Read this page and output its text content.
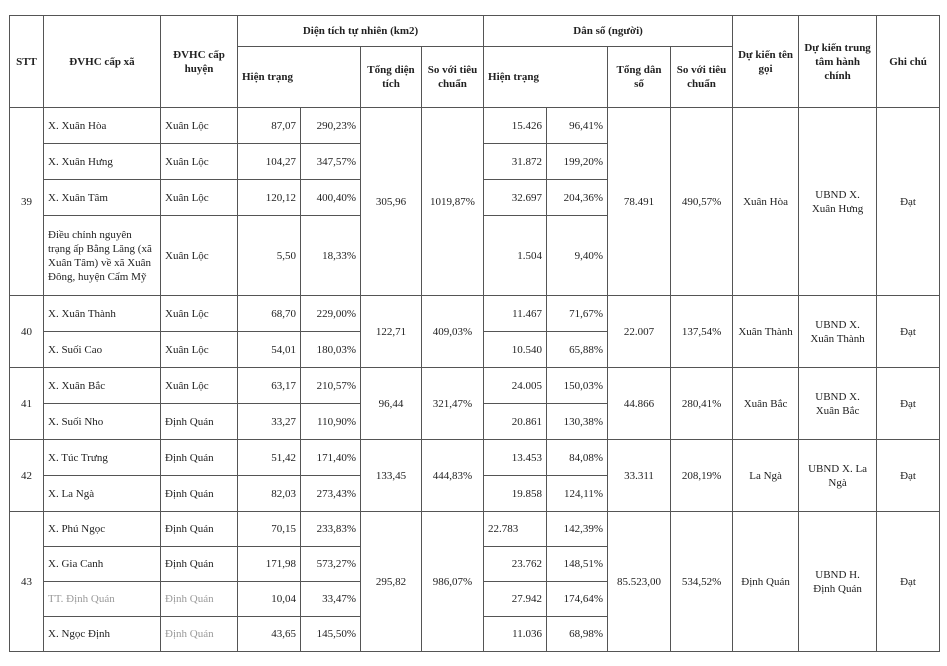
STT	ĐVHC cấp xã	ĐVHC cấp huyện	Diện tích tự nhiên (km2)				Dân số (người)				Dự kiến tên gọi	Dự kiến trung tâm hành chính	Ghi chú
			Hiện trạng		Tổng diện tích	So với tiêu chuẩn	Hiện trạng		Tổng dân số	So với tiêu chuẩn			
39	X. Xuân Hòa	Xuân Lộc	87,07	290,23%	305,96	1019,87%	15.426	96,41%	78.491	490,57%	Xuân Hòa	UBND X. Xuân Hưng	Đạt
	X. Xuân Hưng	Xuân Lộc	104,27	347,57%			31.872	199,20%					
	X. Xuân Tâm	Xuân Lộc	120,12	400,40%			32.697	204,36%					
	Điều chỉnh nguyên trạng ấp Bằng Lăng (xã Xuân Tâm) về xã Xuân Đông, huyện Cẩm Mỹ	Xuân Lộc	5,50	18,33%			1.504	9,40%					
40	X. Xuân Thành	Xuân Lộc	68,70	229,00%	122,71	409,03%	11.467	71,67%	22.007	137,54%	Xuân Thành	UBND X. Xuân Thành	Đạt
	X. Suối Cao	Xuân Lộc	54,01	180,03%			10.540	65,88%					
41	X. Xuân Bắc	Xuân Lộc	63,17	210,57%	96,44	321,47%	24.005	150,03%	44.866	280,41%	Xuân Bắc	UBND X. Xuân Bắc	Đạt
	X. Suối Nho	Định Quán	33,27	110,90%			20.861	130,38%					
42	X. Túc Trưng	Định Quán	51,42	171,40%	133,45	444,83%	13.453	84,08%	33.311	208,19%	La Ngà	UBND X. La Ngà	Đạt
	X. La Ngà	Định Quán	82,03	273,43%			19.858	124,11%					
43	X. Phú Ngọc	Định Quán	70,15	233,83%	295,82	986,07%	22.783	142,39%	85.523,00	534,52%	Định Quán	UBND H. Định Quán	Đạt
	X. Gia Canh	Định Quán	171,98	573,27%			23.762	148,51%					
	TT. Định Quán	Định Quán	10,04	33,47%			27.942	174,64%					
	X. Ngọc Định	Định Quán	43,65	145,50%			11.036	68,98%					
